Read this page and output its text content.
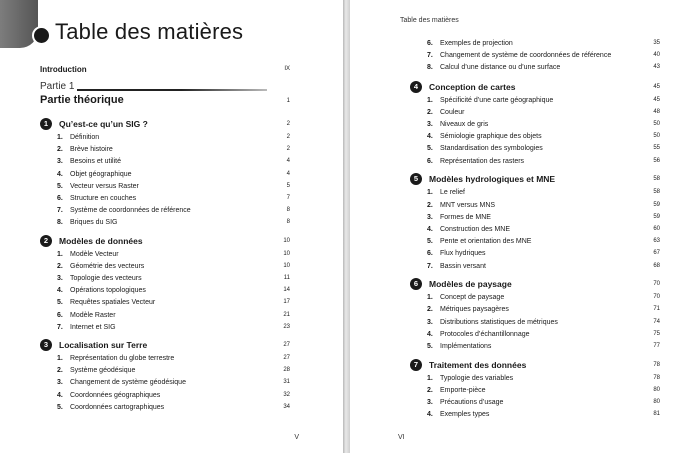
Table des matières
Introduction	IX
Partie 1
Partie théorique	1
1	Qu’est-ce qu’un SIG ?	2
1. Définition	2
2. Brève histoire	2
3. Besoins et utilité	4
4. Objet géographique	4
5. Vecteur versus Raster	5
6. Structure en couches	7
7. Système de coordonnées de référence	8
8. Briques du SIG	8
2	Modèles de données	10
1. Modèle Vecteur	10
2. Géométrie des vecteurs	10
3. Topologie des vecteurs	11
4. Opérations topologiques	14
5. Requêtes spatiales Vecteur	17
6. Modèle Raster	21
7. Internet et SIG	23
3	Localisation sur Terre	27
1. Représentation du globe terrestre	27
2. Système géodésique	28
3. Changement de système géodésique	31
4. Coordonnées géographiques	32
5. Coordonnées cartographiques	34
V
Table des matières
6. Exemples de projection	35
7. Changement de système de coordonnées de référence	40
8. Calcul d’une distance ou d’une surface	43
4	Conception de cartes	45
1. Spécificité d’une carte géographique	45
2. Couleur	48
3. Niveaux de gris	50
4. Sémiologie graphique des objets	50
5. Standardisation des symbologies	55
6. Représentation des rasters	56
5	Modèles hydrologiques et MNE	58
1. Le relief	58
2. MNT versus MNS	59
3. Formes de MNE	59
4. Construction des MNE	60
5. Pente et orientation des MNE	63
6. Flux hydriques	67
7. Bassin versant	68
6	Modèles de paysage	70
1. Concept de paysage	70
2. Métriques paysagères	71
3. Distributions statistiques de métriques	74
4. Protocoles d’échantillonnage	75
5. Implémentations	77
7	Traitement des données	78
1. Typologie des variables	78
2. Emporte-pièce	80
3. Précautions d’usage	80
4. Exemples types	81
VI
